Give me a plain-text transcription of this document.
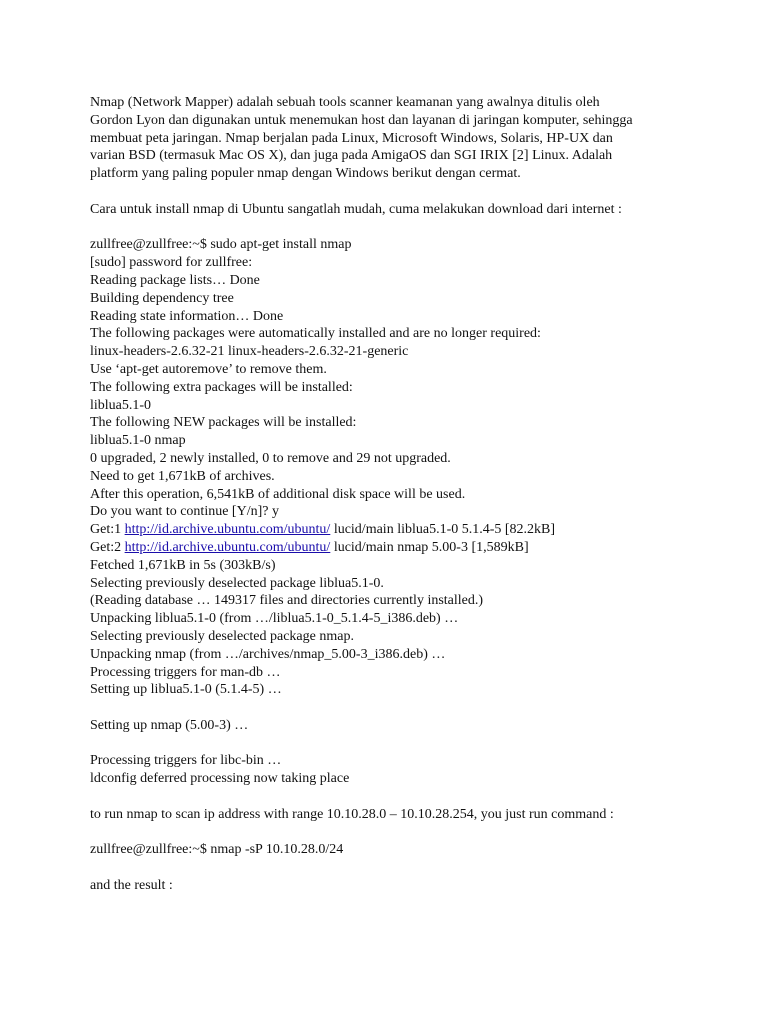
Nmap (Network Mapper) adalah sebuah tools scanner keamanan yang awalnya ditulis oleh
Gordon Lyon dan digunakan untuk menemukan host dan layanan di jaringan komputer, sehingga
membuat peta jaringan. Nmap berjalan pada Linux, Microsoft Windows, Solaris, HP-UX dan
varian BSD (termasuk Mac OS X), dan juga pada AmigaOS dan SGI IRIX [2] Linux. Adalah
platform yang paling populer nmap dengan Windows berikut dengan cermat.
Cara untuk install nmap di Ubuntu sangatlah mudah, cuma melakukan download dari internet :
zullfree@zullfree:~$ sudo apt-get install nmap
[sudo] password for zullfree:
Reading package lists… Done
Building dependency tree
Reading state information… Done
The following packages were automatically installed and are no longer required:
linux-headers-2.6.32-21 linux-headers-2.6.32-21-generic
Use ‘apt-get autoremove’ to remove them.
The following extra packages will be installed:
liblua5.1-0
The following NEW packages will be installed:
liblua5.1-0 nmap
0 upgraded, 2 newly installed, 0 to remove and 29 not upgraded.
Need to get 1,671kB of archives.
After this operation, 6,541kB of additional disk space will be used.
Do you want to continue [Y/n]? y
Get:1 http://id.archive.ubuntu.com/ubuntu/ lucid/main liblua5.1-0 5.1.4-5 [82.2kB]
Get:2 http://id.archive.ubuntu.com/ubuntu/ lucid/main nmap 5.00-3 [1,589kB]
Fetched 1,671kB in 5s (303kB/s)
Selecting previously deselected package liblua5.1-0.
(Reading database … 149317 files and directories currently installed.)
Unpacking liblua5.1-0 (from …/liblua5.1-0_5.1.4-5_i386.deb) …
Selecting previously deselected package nmap.
Unpacking nmap (from …/archives/nmap_5.00-3_i386.deb) …
Processing triggers for man-db …
Setting up liblua5.1-0 (5.1.4-5) …
Setting up nmap (5.00-3) …
Processing triggers for libc-bin …
ldconfig deferred processing now taking place
to run nmap to scan ip address with range 10.10.28.0 – 10.10.28.254, you just run command :
zullfree@zullfree:~$ nmap -sP 10.10.28.0/24
and the result :
